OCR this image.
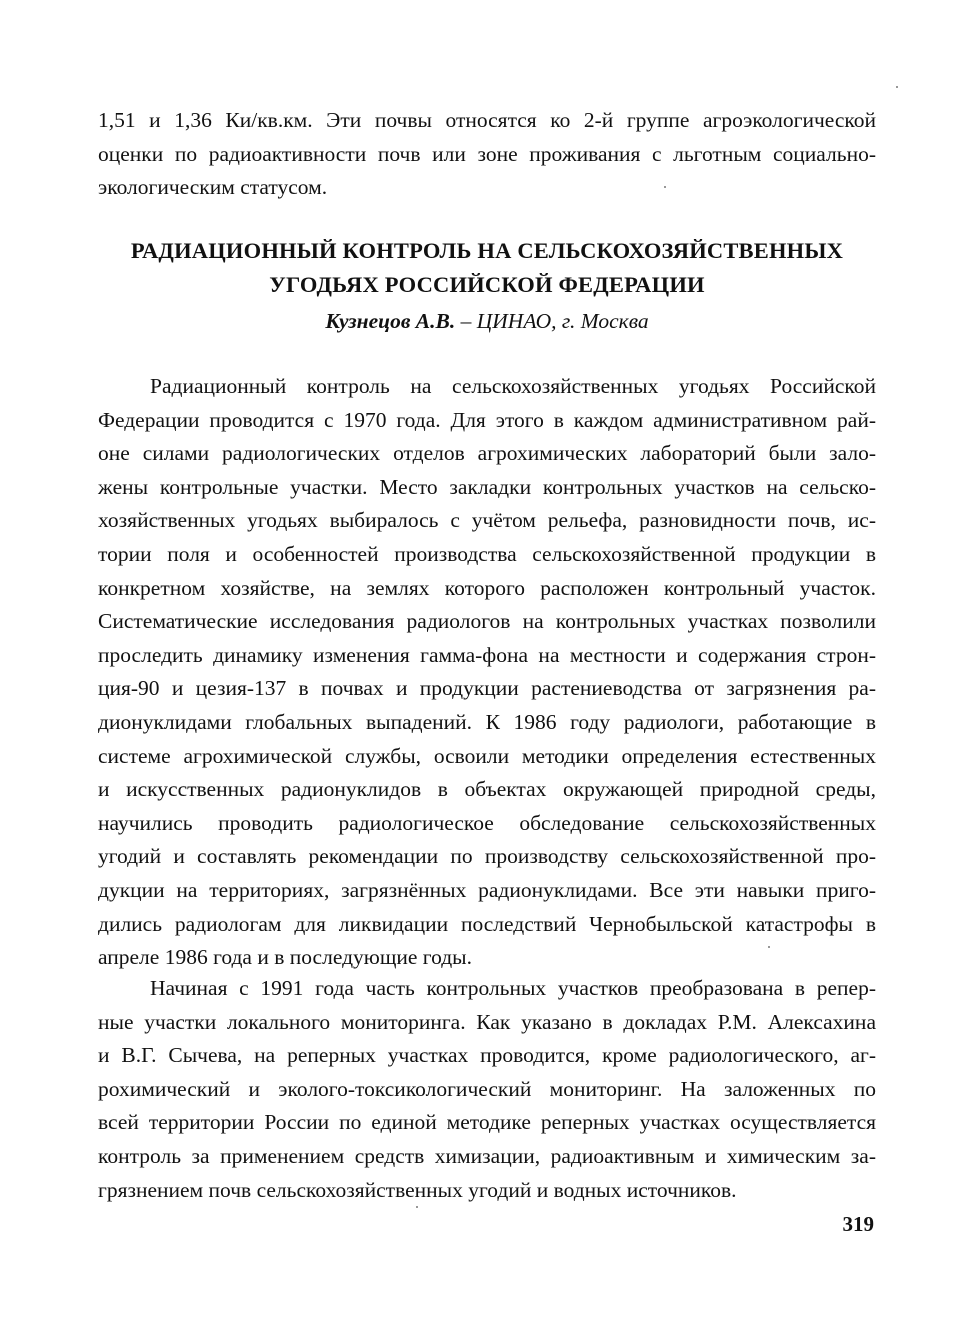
1,51 и 1,36 Ки/кв.км. Эти почвы относятся ко 2-й группе агроэкологической
оценки по радиоактивности почв или зоне проживания с льготным социально-
экологическим статусом.
РАДИАЦИОННЫЙ КОНТРОЛЬ НА СЕЛЬСКОХОЗЯЙСТВЕННЫХ
УГОДЬЯХ РОССИЙСКОЙ ФЕДЕРАЦИИ
Кузнецов А.В. – ЦИНАО, г. Москва
Радиационный контроль на сельскохозяйственных угодьях Российской
Федерации проводится с 1970 года. Для этого в каждом административном рай-
оне силами радиологических отделов агрохимических лабораторий были зало-
жены контрольные участки. Место закладки контрольных участков на сельско-
хозяйственных угодьях выбиралось с учётом рельефа, разновидности почв, ис-
тории поля и особенностей производства сельскохозяйственной продукции в
конкретном хозяйстве, на землях которого расположен контрольный участок.
Систематические исследования радиологов на контрольных участках позволили
проследить динамику изменения гамма-фона на местности и содержания строн-
ция-90 и цезия-137 в почвах и продукции растениеводства от загрязнения ра-
дионуклидами глобальных выпадений. К 1986 году радиологи, работающие в
системе агрохимической службы, освоили методики определения естественных
и искусственных радионуклидов в объектах окружающей природной среды,
научились проводить радиологическое обследование сельскохозяйственных
угодий и составлять рекомендации по производству сельскохозяйственной про-
дукции на территориях, загрязнённых радионуклидами. Все эти навыки приго-
дились радиологам для ликвидации последствий Чернобыльской катастрофы в
апреле 1986 года и в последующие годы.
Начиная с 1991 года часть контрольных участков преобразована в репер-
ные участки локального мониторинга. Как указано в докладах Р.М. Алексахина
и В.Г. Сычева, на реперных участках проводится, кроме радиологического, аг-
рохимический и эколого-токсикологический мониторинг. На заложенных по
всей территории России по единой методике реперных участках осуществляется
контроль за применением средств химизации, радиоактивным и химическим за-
грязнением почв сельскохозяйственных угодий и водных источников.
319
